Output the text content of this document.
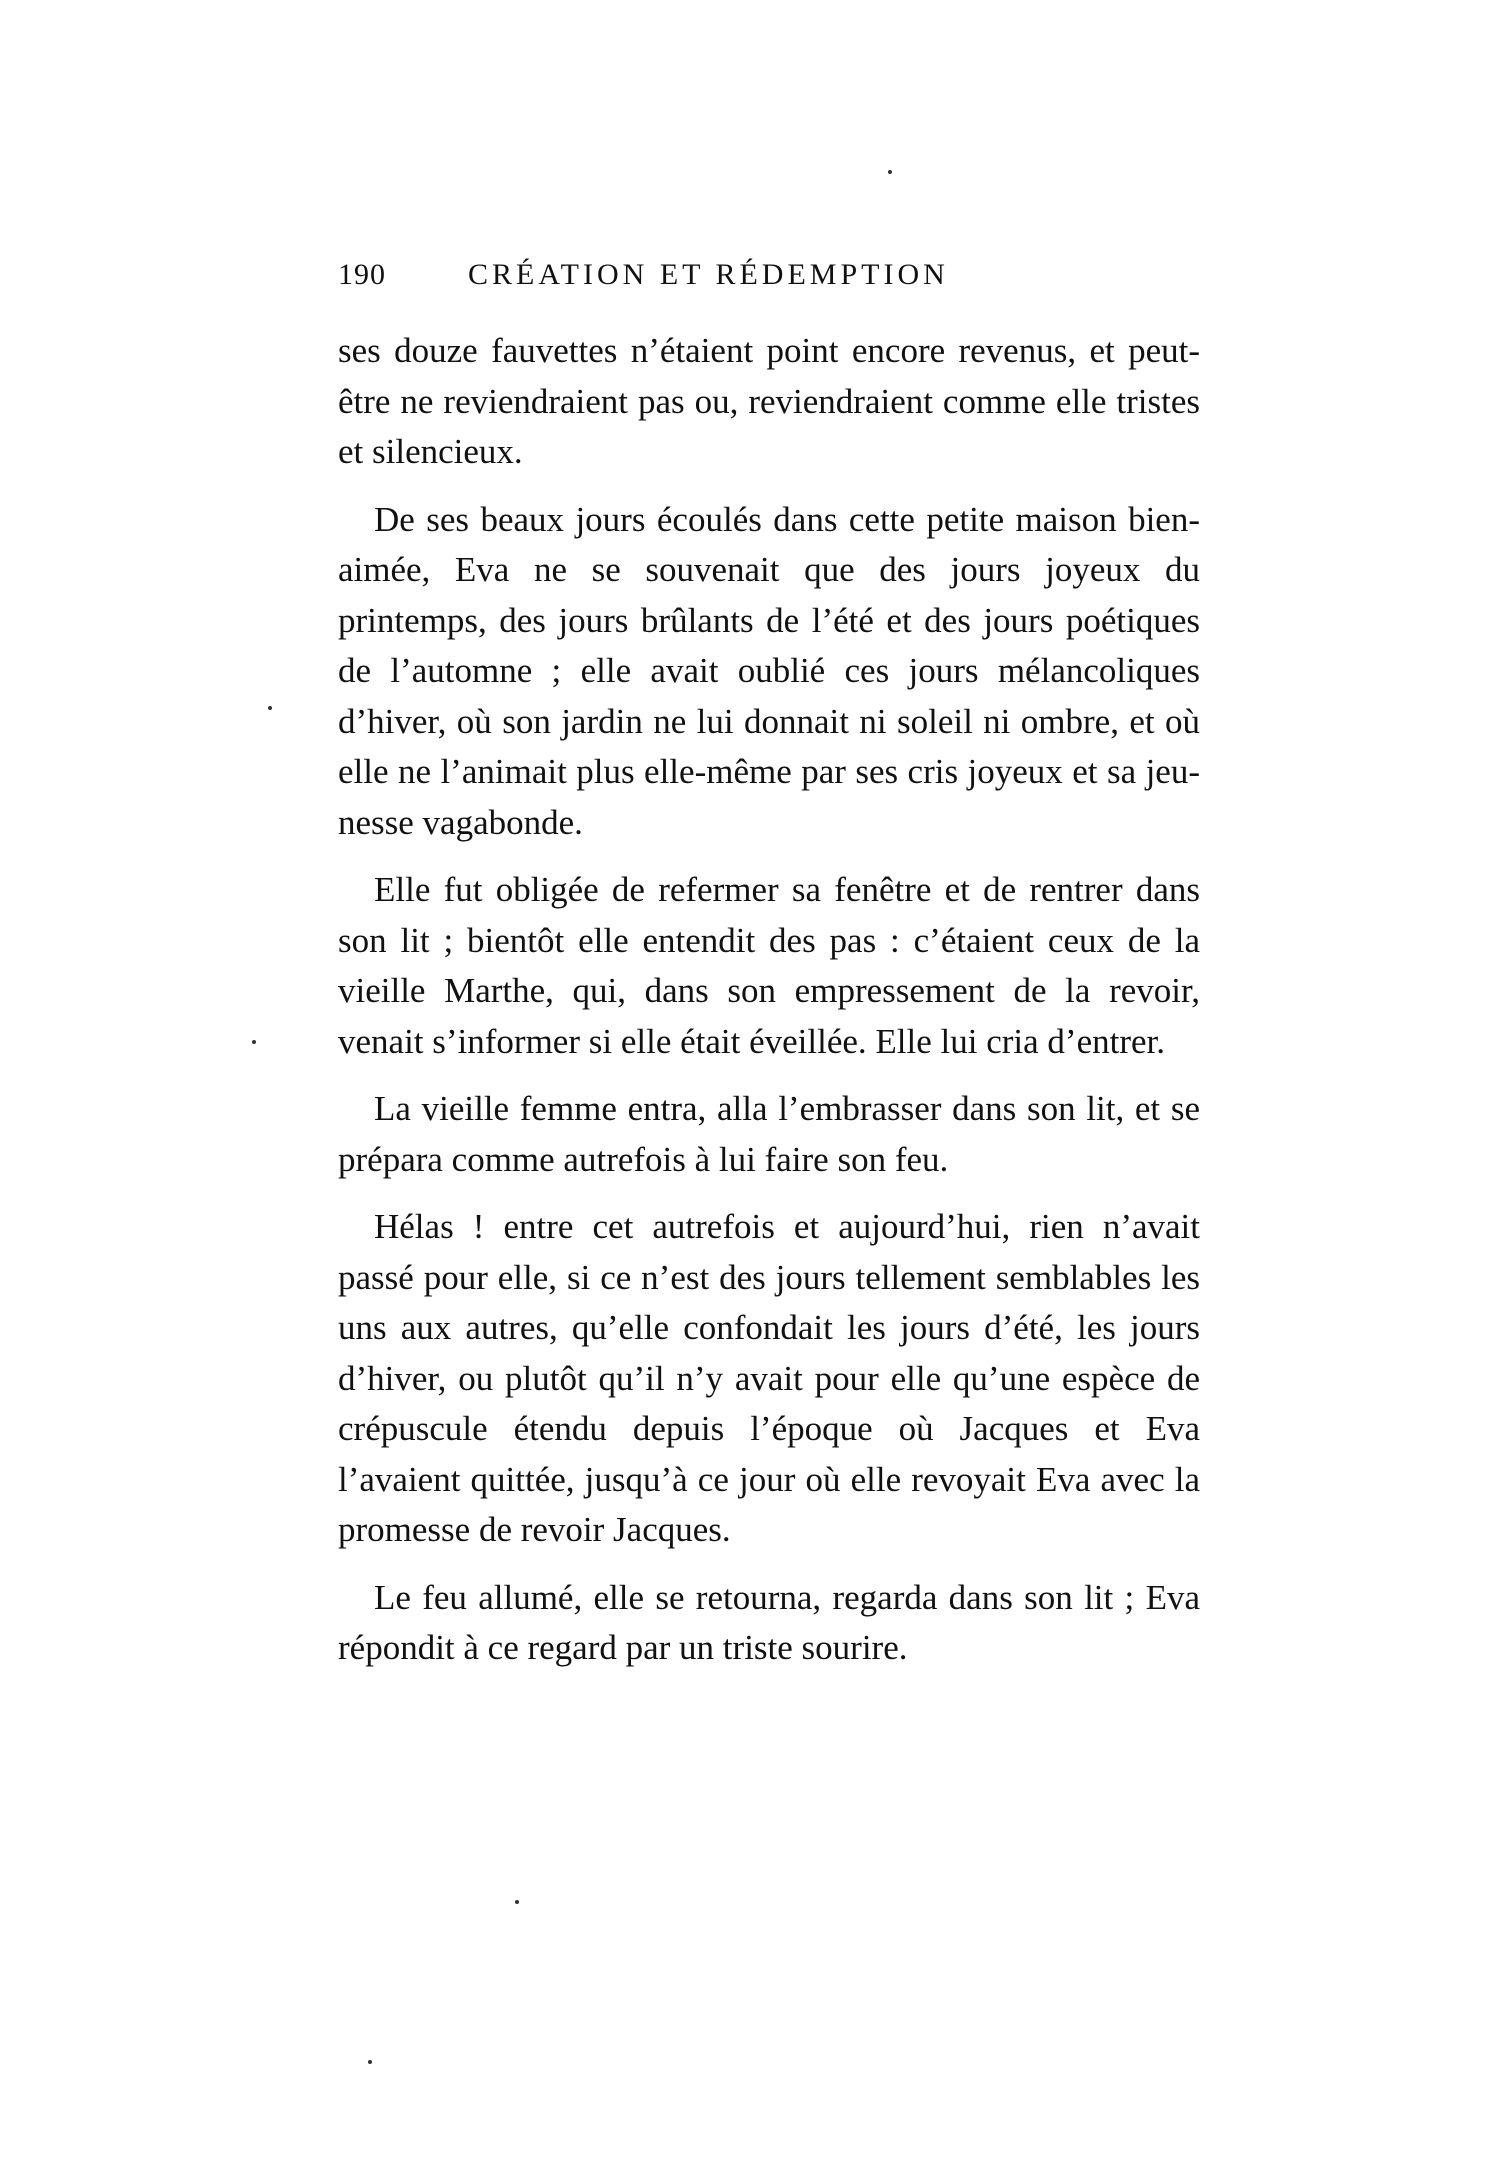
190	CRÉATION ET RÉDEMPTION

ses douze fauvettes n’étaient point encore revenus, et peut-être ne reviendraient pas ou, reviendraient comme elle tristes et silencieux.

De ses beaux jours écoulés dans cette petite maison bien-aimée, Eva ne se souvenait que des jours joyeux du printemps, des jours brûlants de l’été et des jours poétiques de l’automne ; elle avait oublié ces jours mélancoliques d’hiver, où son jardin ne lui donnait ni soleil ni ombre, et où elle ne l’animait plus elle-même par ses cris joyeux et sa jeunesse vagabonde.

Elle fut obligée de refermer sa fenêtre et de rentrer dans son lit ; bientôt elle entendit des pas : c’étaient ceux de la vieille Marthe, qui, dans son empressement de la revoir, venait s’informer si elle était éveillée. Elle lui cria d’entrer.

La vieille femme entra, alla l’embrasser dans son lit, et se prépara comme autrefois à lui faire son feu.

Hélas ! entre cet autrefois et aujourd’hui, rien n’avait passé pour elle, si ce n’est des jours tellement semblables les uns aux autres, qu’elle confondait les jours d’été, les jours d’hiver, ou plutôt qu’il n’y avait pour elle qu’une espèce de crépuscule étendu depuis l’époque où Jacques et Eva l’avaient quittée, jusqu’à ce jour où elle revoyait Eva avec la promesse de revoir Jacques.

Le feu allumé, elle se retourna, regarda dans son lit ; Eva répondit à ce regard par un triste sourire.
